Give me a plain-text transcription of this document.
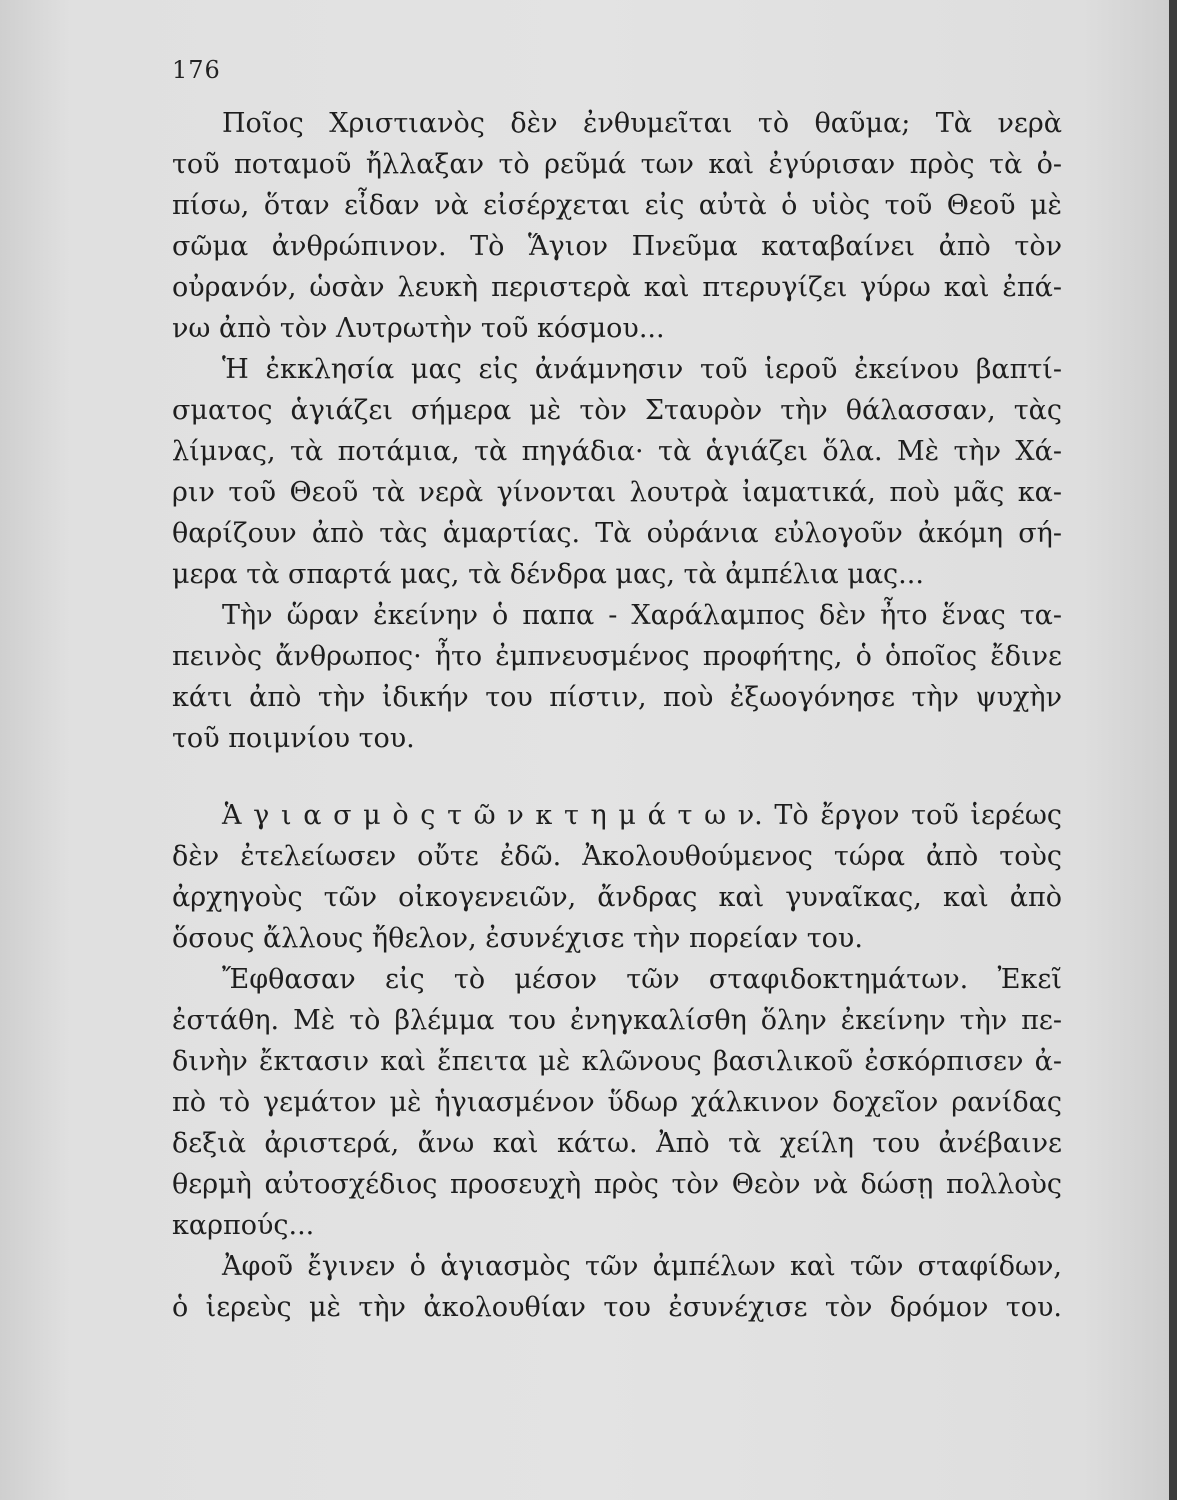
176
Ποῖος Χριστιανὸς δὲν ἐνθυμεῖται τὸ θαῦμα; Τὰ νερὰ
τοῦ ποταμοῦ ἤλλαξαν τὸ ρεῦμά των καὶ ἐγύρισαν πρὸς τὰ ὀ-
πίσω, ὅταν εἶδαν νὰ εἰσέρχεται εἰς αὐτὰ ὁ υἱὸς τοῦ Θεοῦ μὲ
σῶμα ἀνθρώπινον. Τὸ Ἅγιον Πνεῦμα καταβαίνει ἀπὸ τὸν
οὐρανόν, ὡσὰν λευκὴ περιστερὰ καὶ πτερυγίζει γύρω καὶ ἐπά-
νω ἀπὸ τὸν Λυτρωτὴν τοῦ κόσμου...
Ἡ ἐκκλησία μας εἰς ἀνάμνησιν τοῦ ἱεροῦ ἐκείνου βαπτί-
σματος ἁγιάζει σήμερα μὲ τὸν Σταυρὸν τὴν θάλασσαν, τὰς
λίμνας, τὰ ποτάμια, τὰ πηγάδια· τὰ ἁγιάζει ὅλα. Μὲ τὴν Χά-
ριν τοῦ Θεοῦ τὰ νερὰ γίνονται λουτρὰ ἰαματικά, ποὺ μᾶς κα-
θαρίζουν ἀπὸ τὰς ἁμαρτίας. Τὰ οὐράνια εὐλογοῦν ἀκόμη σή-
μερα τὰ σπαρτά μας, τὰ δένδρα μας, τὰ ἀμπέλια μας...
Τὴν ὥραν ἐκείνην ὁ παπα - Χαράλαμπος δὲν ἦτο ἕνας τα-
πεινὸς ἄνθρωπος· ἦτο ἐμπνευσμένος προφήτης, ὁ ὁποῖος ἔδινε
κάτι ἀπὸ τὴν ἰδικήν του πίστιν, ποὺ ἐξωογόνησε τὴν ψυχὴν
τοῦ ποιμνίου του.
Ἁ γ ι α σ μ ὸ ς τ ῶ ν κ τ η μ ά τ ω ν. Τὸ ἔργον τοῦ ἱερέως
δὲν ἐτελείωσεν οὔτε ἐδῶ. Ἀκολουθούμενος τώρα ἀπὸ τοὺς
ἀρχηγοὺς τῶν οἰκογενειῶν, ἄνδρας καὶ γυναῖκας, καὶ ἀπὸ
ὅσους ἄλλους ἤθελον, ἐσυνέχισε τὴν πορείαν του.
Ἔφθασαν εἰς τὸ μέσον τῶν σταφιδοκτημάτων. Ἐκεῖ
ἐστάθη. Μὲ τὸ βλέμμα του ἐνηγκαλίσθη ὅλην ἐκείνην τὴν πε-
δινὴν ἔκτασιν καὶ ἔπειτα μὲ κλῶνους βασιλικοῦ ἐσκόρπισεν ἀ-
πὸ τὸ γεμάτον μὲ ἡγιασμένον ὕδωρ χάλκινον δοχεῖον ρανίδας
δεξιὰ ἀριστερά, ἄνω καὶ κάτω. Ἀπὸ τὰ χείλη του ἀνέβαινε
θερμὴ αὐτοσχέδιος προσευχὴ πρὸς τὸν Θεὸν νὰ δώσῃ πολλοὺς
καρπούς...
Ἀφοῦ ἔγινεν ὁ ἁγιασμὸς τῶν ἀμπέλων καὶ τῶν σταφίδων,
ὁ ἱερεὺς μὲ τὴν ἀκολουθίαν του ἐσυνέχισε τὸν δρόμον του.
